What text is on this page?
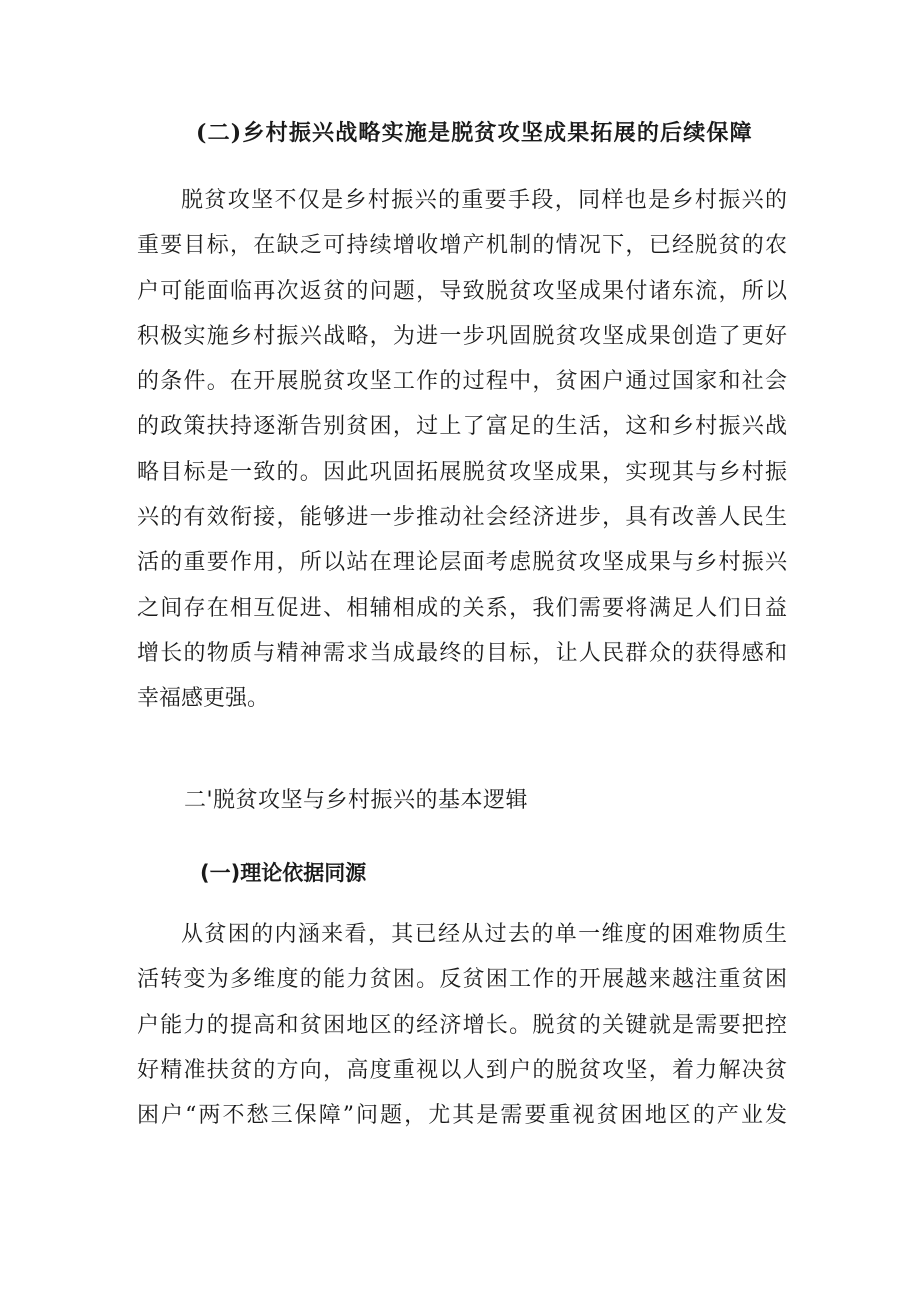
(二)乡村振兴战略实施是脱贫攻坚成果拓展的后续保障
脱贫攻坚不仅是乡村振兴的重要手段，同样也是乡村振兴的
重要目标，在缺乏可持续增收增产机制的情况下，已经脱贫的农
户可能面临再次返贫的问题，导致脱贫攻坚成果付诸东流，所以
积极实施乡村振兴战略，为进一步巩固脱贫攻坚成果创造了更好
的条件。在开展脱贫攻坚工作的过程中，贫困户通过国家和社会
的政策扶持逐渐告别贫困，过上了富足的生活，这和乡村振兴战
略目标是一致的。因此巩固拓展脱贫攻坚成果，实现其与乡村振
兴的有效衔接，能够进一步推动社会经济进步，具有改善人民生
活的重要作用，所以站在理论层面考虑脱贫攻坚成果与乡村振兴
之间存在相互促进、相辅相成的关系，我们需要将满足人们日益
增长的物质与精神需求当成最终的目标，让人民群众的获得感和
幸福感更强。
二'脱贫攻坚与乡村振兴的基本逻辑
(一)理论依据同源
从贫困的内涵来看，其已经从过去的单一维度的困难物质生
活转变为多维度的能力贫困。反贫困工作的开展越来越注重贫困
户能力的提高和贫困地区的经济增长。脱贫的关键就是需要把控
好精准扶贫的方向，高度重视以人到户的脱贫攻坚，着力解决贫
困户“两不愁三保障”问题，尤其是需要重视贫困地区的产业发
